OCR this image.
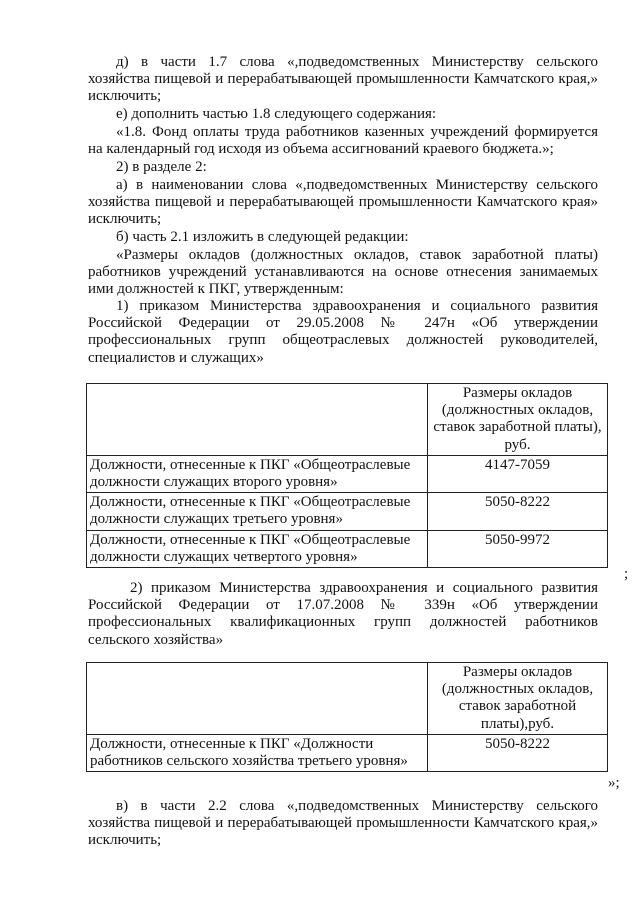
д) в части 1.7 слова «,подведомственных Министерству сельского хозяйства пищевой и перерабатывающей промышленности Камчатского края,» исключить;

е) дополнить частью 1.8 следующего содержания:

«1.8. Фонд оплаты труда работников казенных учреждений формируется на календарный год исходя из объема ассигнований краевого бюджета.»;

2) в разделе 2:

а) в наименовании слова «,подведомственных Министерству сельского хозяйства пищевой и перерабатывающей промышленности Камчатского края» исключить;

б) часть 2.1 изложить в следующей редакции:

«Размеры окладов (должностных окладов, ставок заработной платы) работников учреждений устанавливаются на основе отнесения занимаемых ими должностей к ПКГ, утвержденным:

1) приказом Министерства здравоохранения и социального развития Российской Федерации от 29.05.2008 № 247н «Об утверждении профессиональных групп общеотраслевых должностей руководителей, специалистов и служащих»

	Размеры окладов (должностных окладов, ставок заработной платы), руб.
Должности, отнесенные к ПКГ «Общеотраслевые должности служащих второго уровня»	4147-7059
Должности, отнесенные к ПКГ «Общеотраслевые должности служащих третьего уровня»	5050-8222
Должности, отнесенные к ПКГ «Общеотраслевые должности служащих четвертого уровня»	5050-9972
;

2) приказом Министерства здравоохранения и социального развития Российской Федерации от 17.07.2008 № 339н «Об утверждении профессиональных квалификационных групп должностей работников сельского хозяйства»

	Размеры окладов (должностных окладов, ставок заработной платы),руб.
Должности, отнесенные к ПКГ «Должности работников сельского хозяйства третьего уровня»	5050-8222
»;

в) в части 2.2 слова «,подведомственных Министерству сельского хозяйства пищевой и перерабатывающей промышленности Камчатского края,» исключить;
